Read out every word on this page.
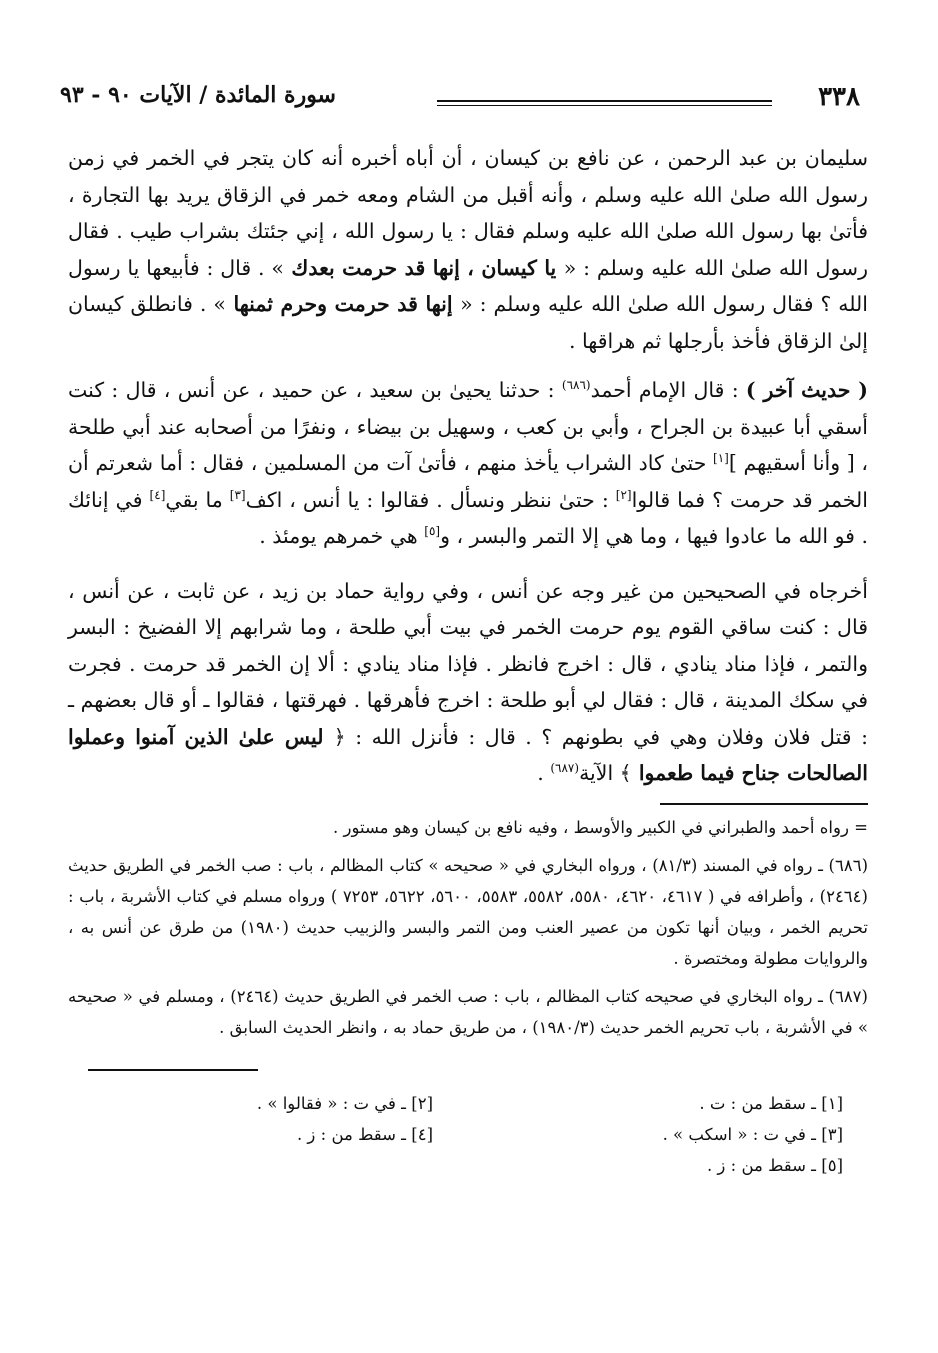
٣٣٨
سورة المائدة / الآيات ٩٠ - ٩٣

سليمان بن عبد الرحمن ، عن نافع بن كيسان ، أن أباه أخبره أنه كان يتجر في الخمر في زمن رسول الله صلىٰ الله عليه وسلم ، وأنه أقبل من الشام ومعه خمر في الزقاق يريد بها التجارة ، فأتىٰ بها رسول الله صلىٰ الله عليه وسلم فقال : يا رسول الله ، إني جئتك بشراب طيب . فقال رسول الله صلىٰ الله عليه وسلم : « يا كيسان ، إنها قد حرمت بعدك » . قال : فأبيعها يا رسول الله ؟ فقال رسول الله صلىٰ الله عليه وسلم : « إنها قد حرمت وحرم ثمنها » . فانطلق كيسان إلىٰ الزقاق فأخذ بأرجلها ثم هراقها .

( حديث آخر ) : قال الإمام أحمد$^{(٦٨٦)}$ : حدثنا يحيىٰ بن سعيد ، عن حميد ، عن أنس ، قال : كنت أسقي أبا عبيدة بن الجراح ، وأبي بن كعب ، وسهيل بن بيضاء ، ونفرًا من أصحابه عند أبي طلحة ، [ وأنا أسقيهم ][١] حتىٰ كاد الشراب يأخذ منهم ، فأتىٰ آت من المسلمين ، فقال : أما شعرتم أن الخمر قد حرمت ؟ فما قالوا[٢] : حتىٰ ننظر ونسأل . فقالوا : يا أنس ، اكف[٣] ما بقي[٤] في إنائك . فو الله ما عادوا فيها ، وما هي إلا التمر والبسر ، و[٥] هي خمرهم يومئذ .

أخرجاه في الصحيحين من غير وجه عن أنس ، وفي رواية حماد بن زيد ، عن ثابت ، عن أنس ، قال : كنت ساقي القوم يوم حرمت الخمر في بيت أبي طلحة ، وما شرابهم إلا الفضيخ : البسر والتمر ، فإذا مناد ينادي ، قال : اخرج فانظر . فإذا مناد ينادي : ألا إن الخمر قد حرمت . فجرت في سكك المدينة ، قال : فقال لي أبو طلحة : اخرج فأهرقها . فهرقتها ، فقالوا ـ أو قال بعضهم ـ : قتل فلان وفلان وهي في بطونهم ؟ . قال : فأنزل الله : ﴿ ليس علىٰ الذين آمنوا وعملوا الصالحات جناح فيما طعموا ﴾ الآية$^{(٦٨٧)}$ .

= رواه أحمد والطبراني في الكبير والأوسط ، وفيه نافع بن كيسان وهو مستور .

(٦٨٦) ـ رواه في المسند (٨١/٣) ، ورواه البخاري في « صحيحه » كتاب المظالم ، باب : صب الخمر في الطريق حديث (٢٤٦٤) ، وأطرافه في ( ٤٦١٧، ٤٦٢٠، ٥٥٨٠، ٥٥٨٢، ٥٥٨٣، ٥٦٠٠، ٥٦٢٢، ٧٢٥٣ ) ورواه مسلم في كتاب الأشربة ، باب : تحريم الخمر ، وبيان أنها تكون من عصير العنب ومن التمر والبسر والزبيب حديث (١٩٨٠) من طرق عن أنس به ، والروايات مطولة ومختصرة .

(٦٨٧) ـ رواه البخاري في صحيحه كتاب المظالم ، باب : صب الخمر في الطريق حديث (٢٤٦٤) ، ومسلم في « صحيحه » في الأشربة ، باب تحريم الخمر حديث (١٩٨٠/٣) ، من طريق حماد به ، وانظر الحديث السابق .

[١] ـ سقط من : ت .
[٢] ـ في ت : « فقالوا » .
[٣] ـ في ت : « اسكب » .
[٤] ـ سقط من : ز .
[٥] ـ سقط من : ز .
